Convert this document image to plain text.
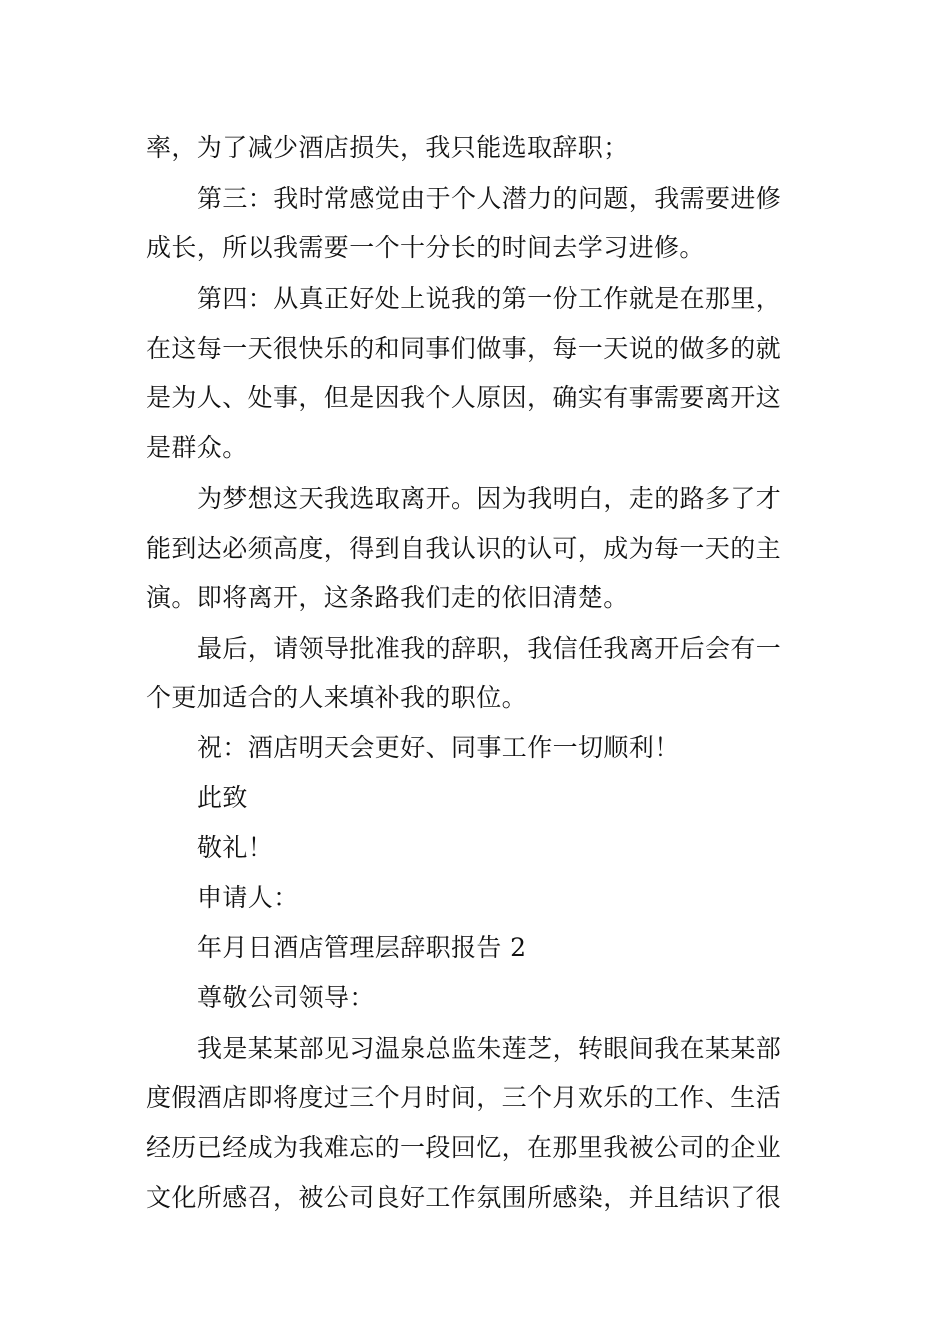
率，为了减少酒店损失，我只能选取辞职；

第三：我时常感觉由于个人潜力的问题，我需要进修

成长，所以我需要一个十分长的时间去学习进修。

第四：从真正好处上说我的第一份工作就是在那里，

在这每一天很快乐的和同事们做事，每一天说的做多的就

是为人、处事，但是因我个人原因，确实有事需要离开这

是群众。

为梦想这天我选取离开。因为我明白，走的路多了才

能到达必须高度，得到自我认识的认可，成为每一天的主

演。即将离开，这条路我们走的依旧清楚。

最后，请领导批准我的辞职，我信任我离开后会有一

个更加适合的人来填补我的职位。

祝：酒店明天会更好、同事工作一切顺利！

此致

敬礼！

申请人：

年月日酒店管理层辞职报告 2

尊敬公司领导：

我是某某部见习温泉总监朱莲芝，转眼间我在某某部

度假酒店即将度过三个月时间，三个月欢乐的工作、生活

经历已经成为我难忘的一段回忆，在那里我被公司的企业

文化所感召，被公司良好工作氛围所感染，并且结识了很
